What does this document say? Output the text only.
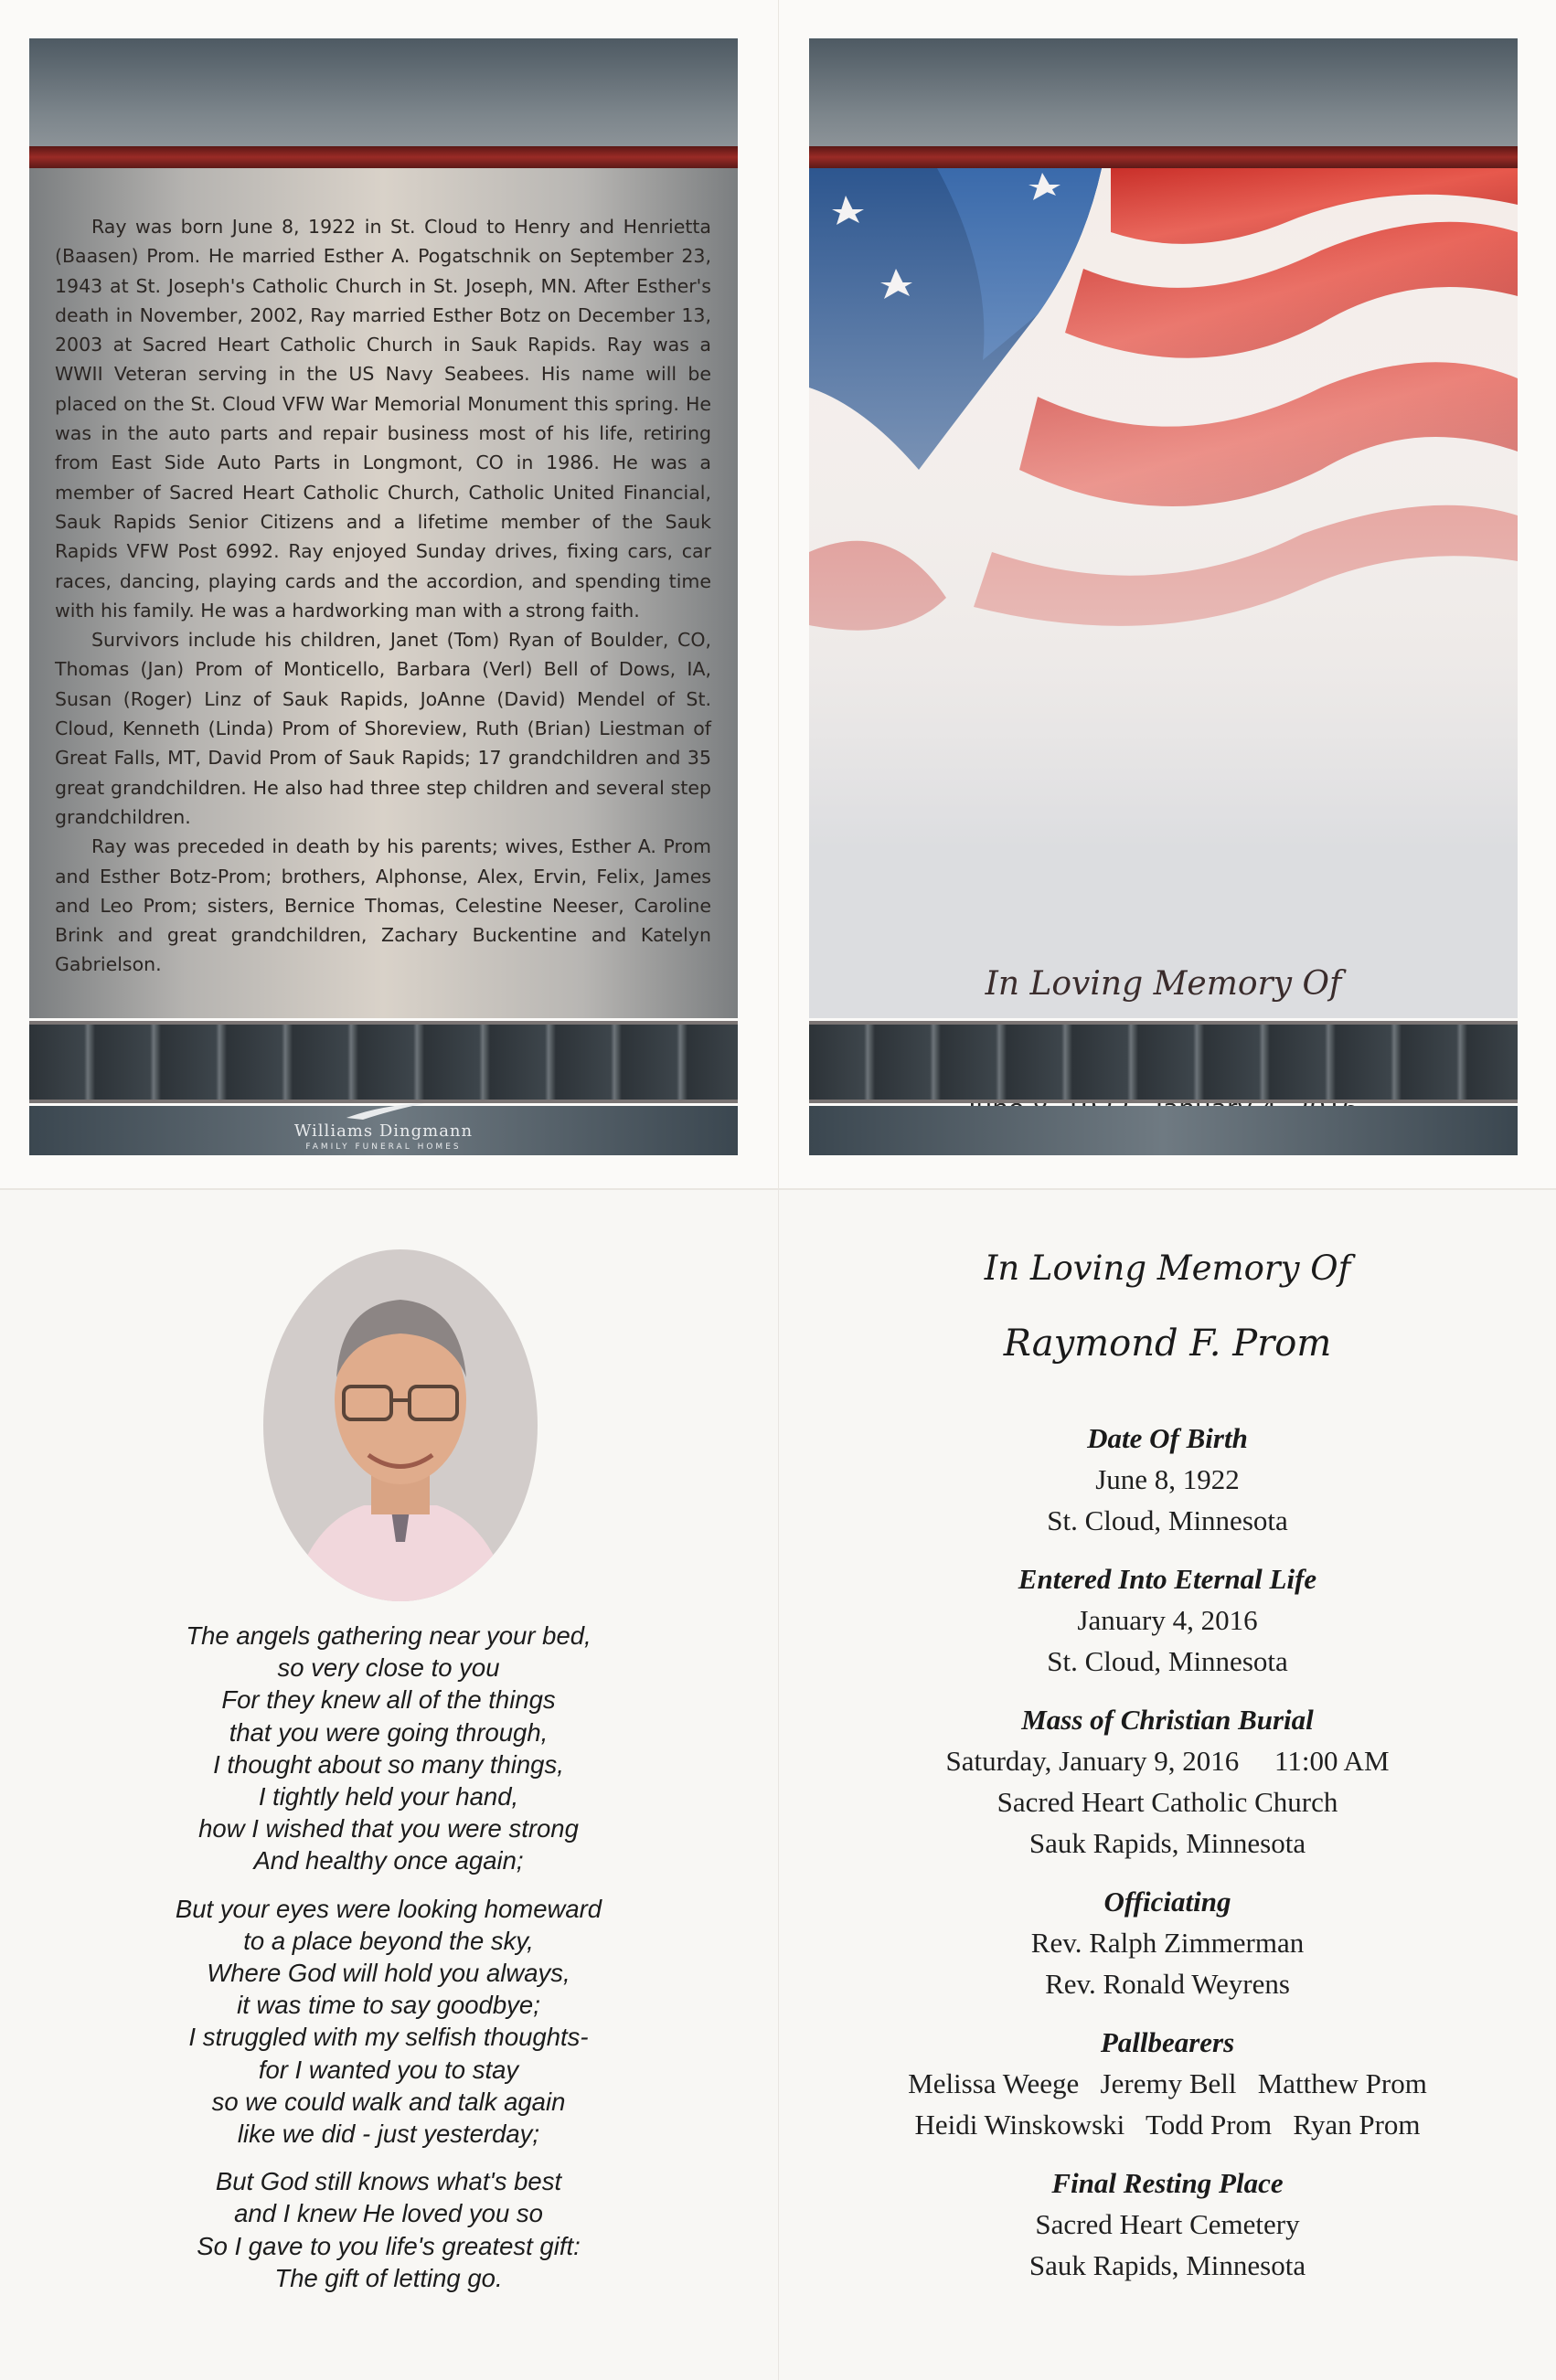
Ray was born June 8, 1922 in St. Cloud to Henry and Henrietta (Baasen) Prom. He married Esther A. Pogatschnik on September 23, 1943 at St. Joseph's Catholic Church in St. Joseph, MN. After Esther's death in November, 2002, Ray married Esther Botz on December 13, 2003 at Sacred Heart Catholic Church in Sauk Rapids. Ray was a WWII Veteran serving in the US Navy Seabees. His name will be placed on the St. Cloud VFW War Memorial Monument this spring. He was in the auto parts and repair business most of his life, retiring from East Side Auto Parts in Longmont, CO in 1986. He was a member of Sacred Heart Catholic Church, Catholic United Financial, Sauk Rapids Senior Citizens and a lifetime member of the Sauk Rapids VFW Post 6992. Ray enjoyed Sunday drives, fixing cars, car races, dancing, playing cards and the accordion, and spending time with his family. He was a hardworking man with a strong faith.

Survivors include his children, Janet (Tom) Ryan of Boulder, CO, Thomas (Jan) Prom of Monticello, Barbara (Verl) Bell of Dows, IA, Susan (Roger) Linz of Sauk Rapids, JoAnne (David) Mendel of St. Cloud, Kenneth (Linda) Prom of Shoreview, Ruth (Brian) Liestman of Great Falls, MT, David Prom of Sauk Rapids; 17 grandchildren and 35 great grandchildren. He also had three step children and several step grandchildren.

Ray was preceded in death by his parents; wives, Esther A. Prom and Esther Botz-Prom; brothers, Alphonse, Alex, Ervin, Felix, James and Leo Prom; sisters, Bernice Thomas, Celestine Neeser, Caroline Brink and great grandchildren, Zachary Buckentine and Katelyn Gabrielson.

Williams Dingmann
FAMILY FUNERAL HOMES
In Loving Memory Of
The angels gathering near your bed,
so very close to you
For they knew all of the things
that you were going through,
I thought about so many things,
I tightly held your hand,
how I wished that you were strong
And healthy once again;
But your eyes were looking homeward
to a place beyond the sky,
Where God will hold you always,
it was time to say goodbye;
I struggled with my selfish thoughts-
for I wanted you to stay
so we could walk and talk again
like we did - just yesterday;
But God still knows what's best
and I knew He loved you so
So I gave to you life's greatest gift:
The gift of letting go.
In Loving Memory Of
Raymond F. Prom
Date Of Birth
June 8, 1922
St. Cloud, Minnesota
Entered Into Eternal Life
January 4, 2016
St. Cloud, Minnesota
Mass of Christian Burial
Saturday, January 9, 2016     11:00 AM
Sacred Heart Catholic Church
Sauk Rapids, Minnesota
Officiating
Rev. Ralph Zimmerman
Rev. Ronald Weyrens
Pallbearers
Melissa Weege   Jeremy Bell   Matthew Prom
Heidi Winskowski   Todd Prom   Ryan Prom
Final Resting Place
Sacred Heart Cemetery
Sauk Rapids, Minnesota
